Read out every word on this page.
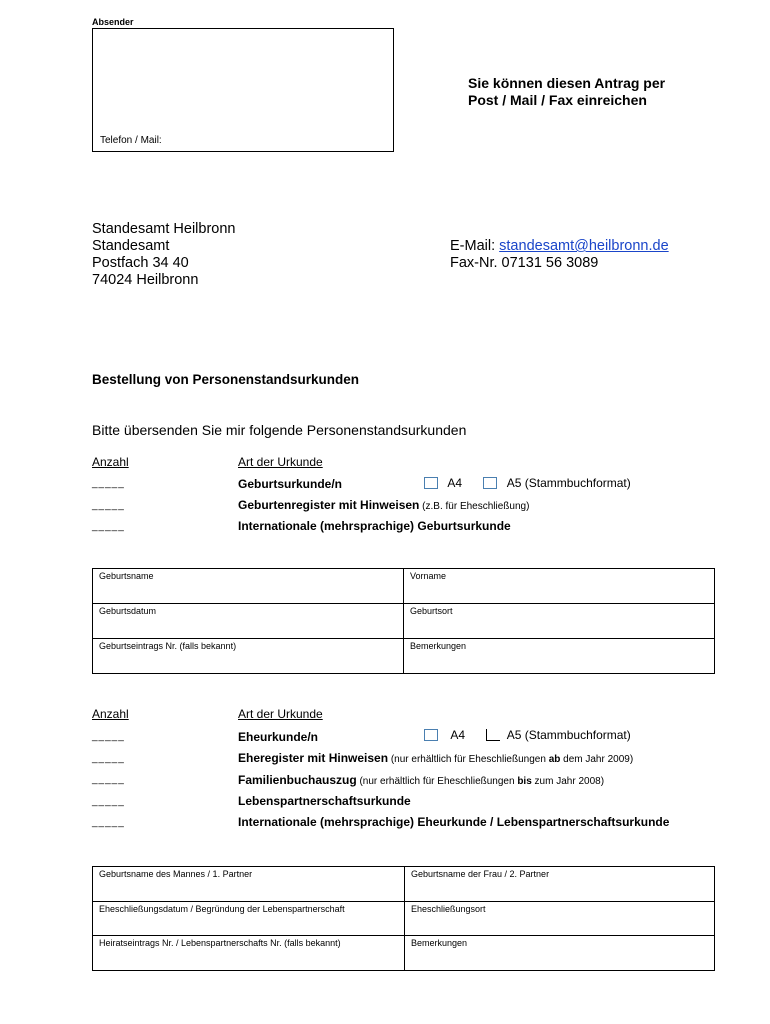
Absender
Telefon / Mail:
Sie können diesen Antrag per
Post / Mail / Fax einreichen
Standesamt Heilbronn
Standesamt
Postfach 34 40
74024 Heilbronn
E-Mail: standesamt@heilbronn.de
Fax-Nr. 07131 56 3089
Bestellung von Personenstandsurkunden
Bitte übersenden Sie mir folgende Personenstandsurkunden
Anzahl	Art der Urkunde
_____	Geburtsurkunde/n	A4	A5 (Stammbuchformat)
_____	Geburtenregister mit Hinweisen (z.B. für Eheschließung)
_____	Internationale (mehrsprachige) Geburtsurkunde
Geburtsname	Vorname
Geburtsdatum	Geburtsort
Geburtseintrags Nr. (falls bekannt)	Bemerkungen
Anzahl	Art der Urkunde
_____	Eheurkunde/n	A4	A5 (Stammbuchformat)
_____	Eheregister mit Hinweisen (nur erhältlich für Eheschließungen ab dem Jahr 2009)
_____	Familienbuchauszug (nur erhältlich für Eheschließungen bis zum Jahr 2008)
_____	Lebenspartnerschaftsurkunde
_____	Internationale (mehrsprachige) Eheurkunde / Lebenspartnerschaftsurkunde
Geburtsname des Mannes / 1. Partner	Geburtsname der Frau / 2. Partner
Eheschließungsdatum / Begründung der Lebenspartnerschaft	Eheschließungsort
Heiratseintrags Nr. / Lebenspartnerschafts Nr. (falls bekannt)	Bemerkungen
